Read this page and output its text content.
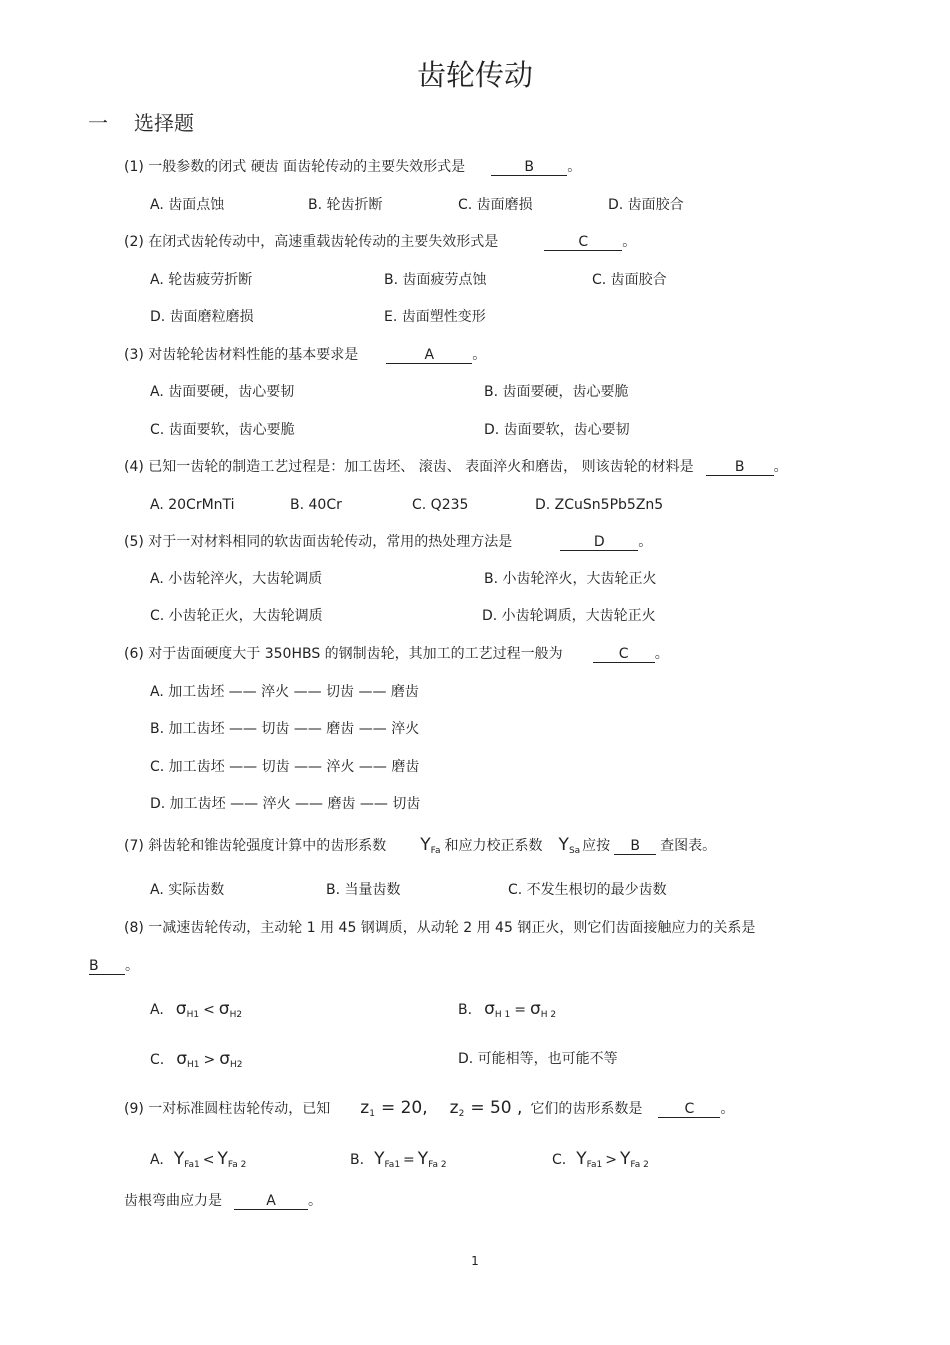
齿轮传动
一 选择题
(1) 一般参数的闭式 硬齿 面齿轮传动的主要失效形式是	B 。
A. 齿面点蚀	B. 轮齿折断	C. 齿面磨损	D. 齿面胶合
(2) 在闭式齿轮传动中，高速重载齿轮传动的主要失效形式是	C 。
A. 轮齿疲劳折断	B. 齿面疲劳点蚀	C. 齿面胶合
D. 齿面磨粒磨损	E. 齿面塑性变形
(3) 对齿轮轮齿材料性能的基本要求是	A	。
A. 齿面要硬，齿心要韧	B. 齿面要硬，齿心要脆
C. 齿面要软，齿心要脆	D. 齿面要软，齿心要韧
(4) 已知一齿轮的制造工艺过程是：加工齿坯、 滚齿、 表面淬火和磨齿， 则该齿轮的材料是	B 。
A. 20CrMnTi	B. 40Cr	C. Q235	D. ZCuSn5Pb5Zn5
(5) 对于一对材料相同的软齿面齿轮传动，常用的热处理方法是	D 。
A. 小齿轮淬火，大齿轮调质	B. 小齿轮淬火，大齿轮正火
C. 小齿轮正火，大齿轮调质	D. 小齿轮调质，大齿轮正火
(6) 对于齿面硬度大于 350HBS 的钢制齿轮，其加工的工艺过程一般为	C 。
A. 加工齿坯 —— 淬火 —— 切齿 —— 磨齿
B. 加工齿坯 —— 切齿 —— 磨齿 —— 淬火
C. 加工齿坯 —— 切齿 —— 淬火 —— 磨齿
D. 加工齿坯 —— 淬火 —— 磨齿 —— 切齿
(7) 斜齿轮和锥齿轮强度计算中的齿形系数 $Y_{Fa}$ 和应力校正系数 $Y_{Sa}$ 应按 B 查图表。
A. 实际齿数	B. 当量齿数	C. 不发生根切的最少齿数
(8) 一减速齿轮传动，主动轮 1 用 45 钢调质，从动轮 2 用 45 钢正火，则它们齿面接触应力的关系是
B 。
A. $\sigma_{H1} < \sigma_{H2}$	B. $\sigma_{H 1} = \sigma_{H 2}$
C. $\sigma_{H1} > \sigma_{H2}$	D. 可能相等，也可能不等
(9) 一对标准圆柱齿轮传动，已知 $z_1 = 20$, $z_2 = 50$ , 它们的齿形系数是	C 。
A. $Y_{Fa1} < Y_{Fa 2}$	B. $Y_{Fa1} = Y_{Fa 2}$	C. $Y_{Fa1} > Y_{Fa 2}$
齿根弯曲应力是	A 。
1
